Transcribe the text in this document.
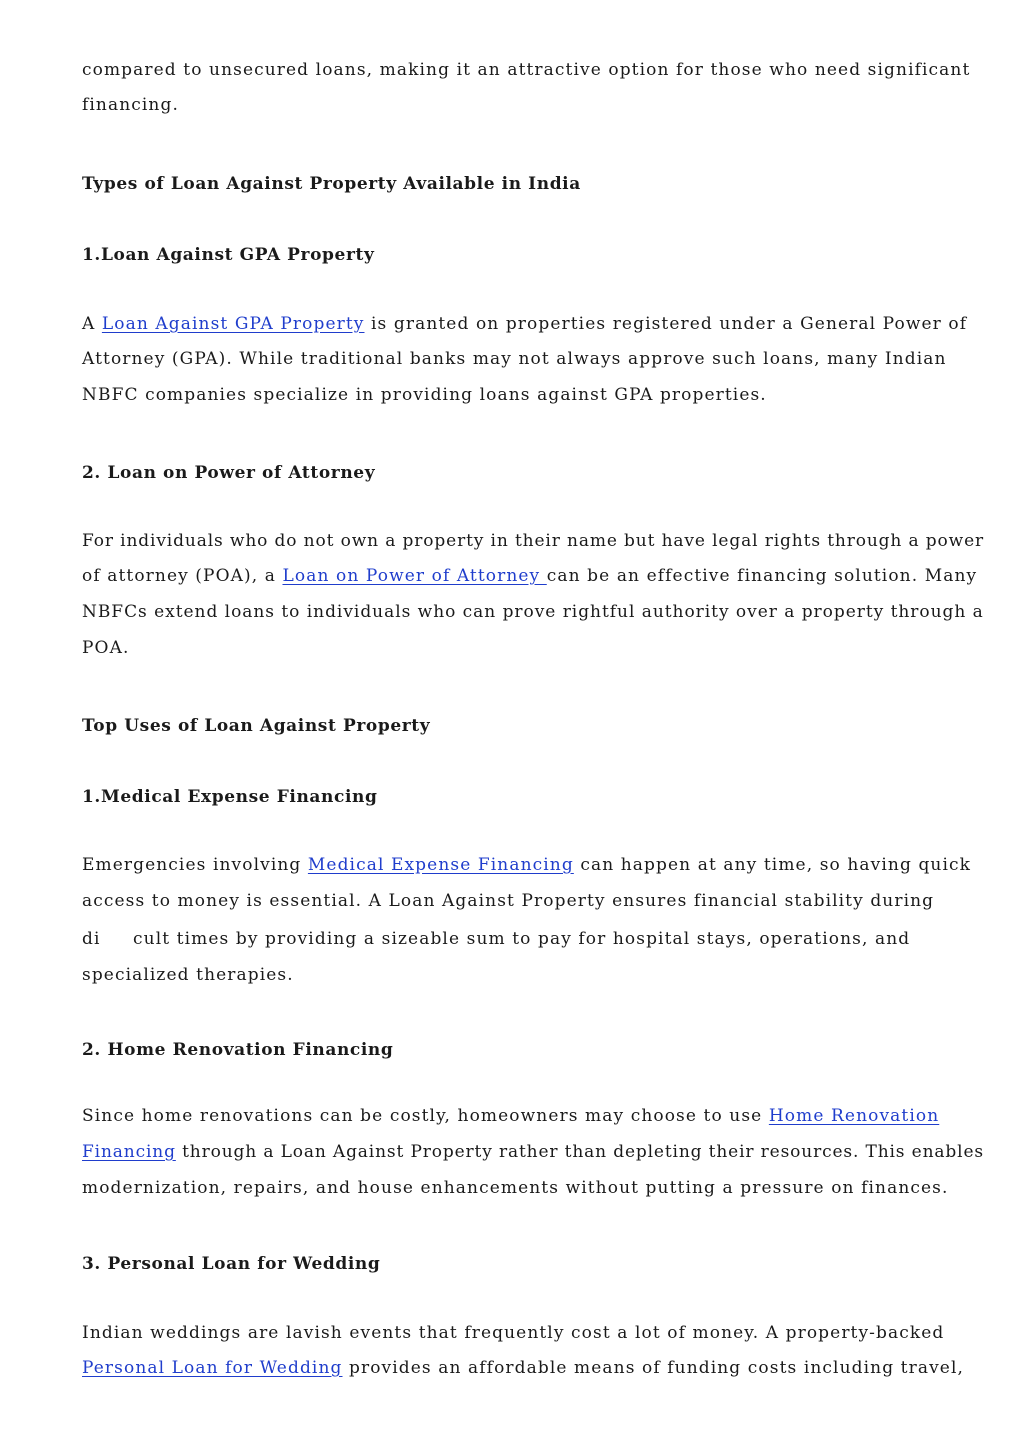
compared to unsecured loans, making it an attractive option for those who need significant

financing.

Types of Loan Against Property Available in India

1.Loan Against GPA Property

A Loan Against GPA Property is granted on properties registered under a General Power of

Attorney (GPA). While traditional banks may not always approve such loans, many Indian

NBFC companies specialize in providing loans against GPA properties.

2. Loan on Power of Attorney

For individuals who do not own a property in their name but have legal rights through a power

of attorney (POA), a Loan on Power of Attorney can be an effective financing solution. Many

NBFCs extend loans to individuals who can prove rightful authority over a property through a

POA.

Top Uses of Loan Against Property

1.Medical Expense Financing

Emergencies involving Medical Expense Financing can happen at any time, so having quick

access to money is essential. A Loan Against Property ensures financial stability during

di     cult times by providing a sizeable sum to pay for hospital stays, operations, and

specialized therapies.

2. Home Renovation Financing

Since home renovations can be costly, homeowners may choose to use Home Renovation

Financing through a Loan Against Property rather than depleting their resources. This enables

modernization, repairs, and house enhancements without putting a pressure on finances.

3. Personal Loan for Wedding

Indian weddings are lavish events that frequently cost a lot of money. A property-backed

Personal Loan for Wedding provides an affordable means of funding costs including travel,
